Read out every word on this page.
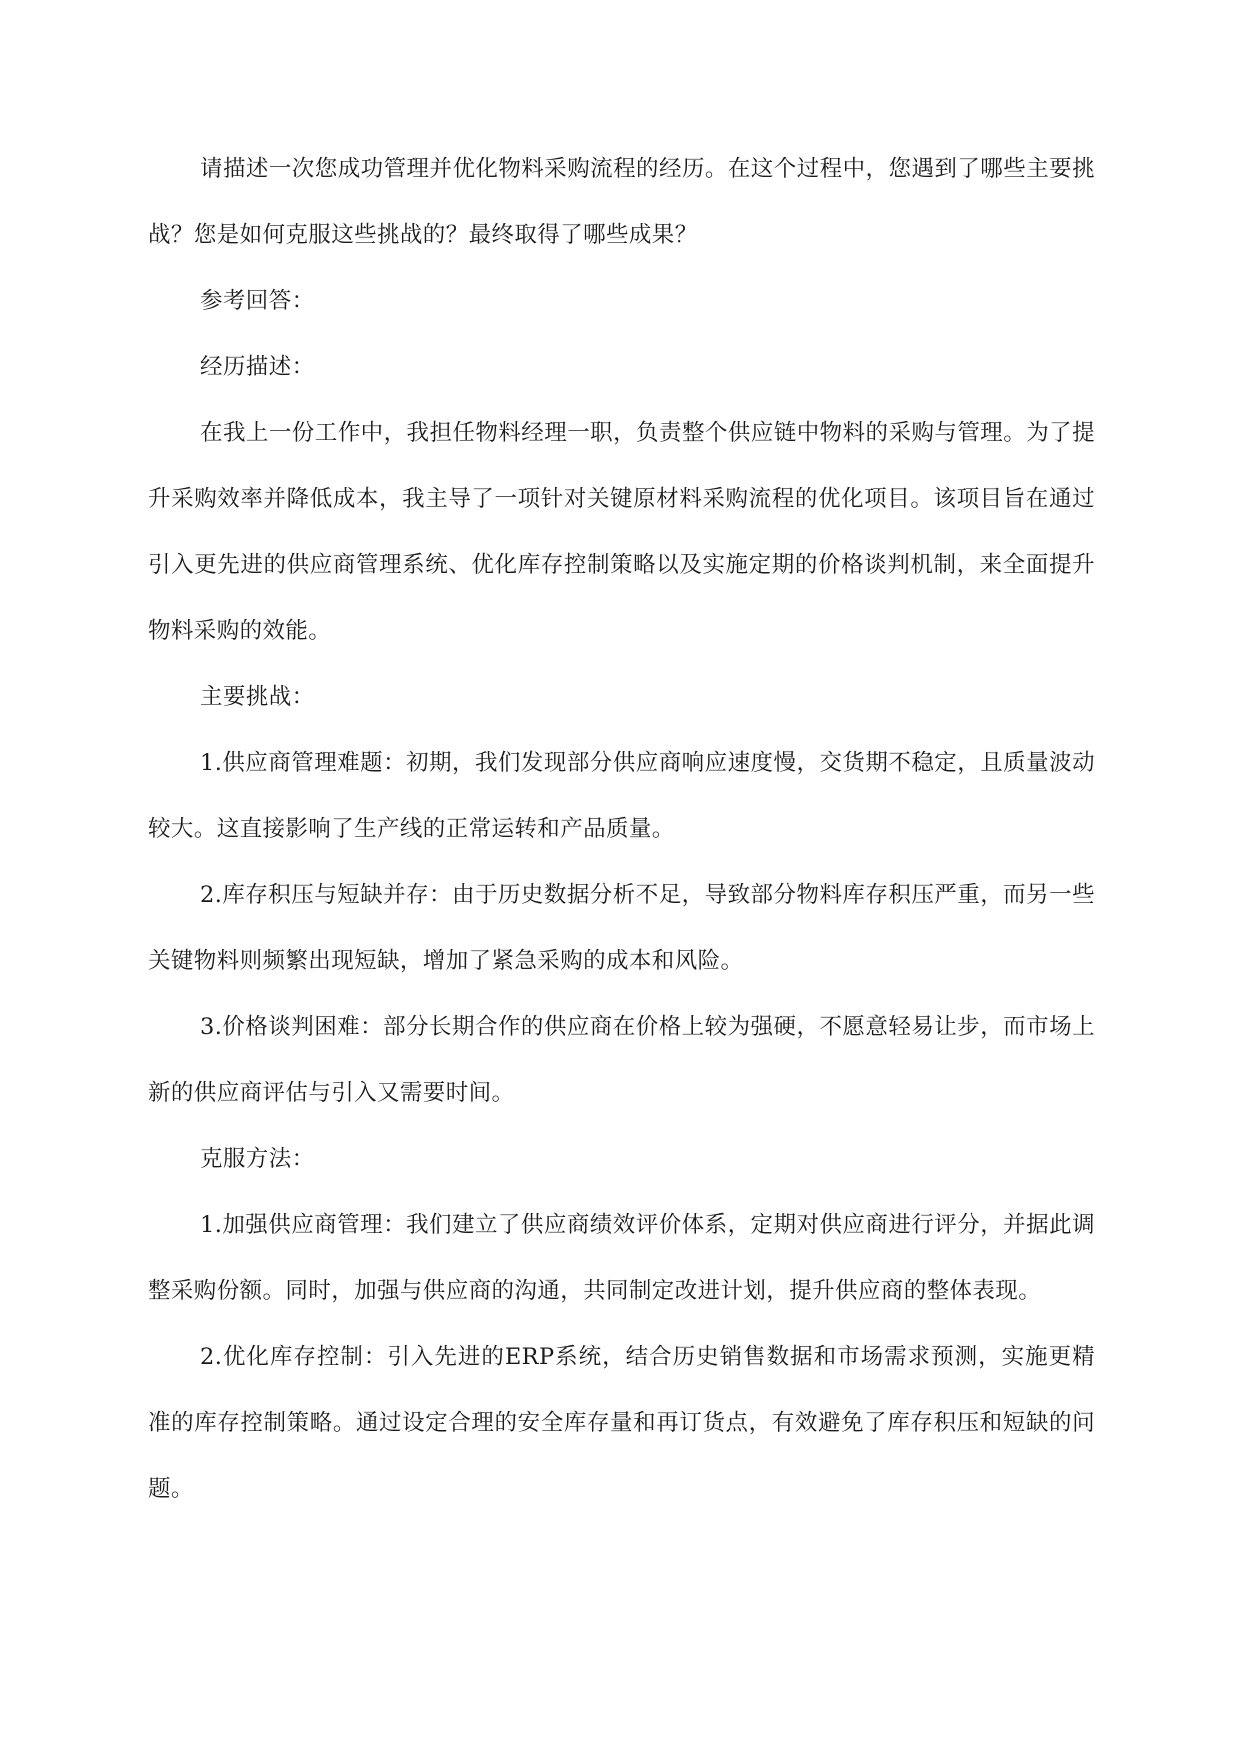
请描述一次您成功管理并优化物料采购流程的经历。在这个过程中，您遇到了哪些主要挑战？您是如何克服这些挑战的？最终取得了哪些成果？

参考回答：

经历描述：

在我上一份工作中，我担任物料经理一职，负责整个供应链中物料的采购与管理。为了提升采购效率并降低成本，我主导了一项针对关键原材料采购流程的优化项目。该项目旨在通过引入更先进的供应商管理系统、优化库存控制策略以及实施定期的价格谈判机制，来全面提升物料采购的效能。

主要挑战：

1.供应商管理难题：初期，我们发现部分供应商响应速度慢，交货期不稳定，且质量波动较大。这直接影响了生产线的正常运转和产品质量。

2.库存积压与短缺并存：由于历史数据分析不足，导致部分物料库存积压严重，而另一些关键物料则频繁出现短缺，增加了紧急采购的成本和风险。

3.价格谈判困难：部分长期合作的供应商在价格上较为强硬，不愿意轻易让步，而市场上新的供应商评估与引入又需要时间。

克服方法：

1.加强供应商管理：我们建立了供应商绩效评价体系，定期对供应商进行评分，并据此调整采购份额。同时，加强与供应商的沟通，共同制定改进计划，提升供应商的整体表现。

2.优化库存控制：引入先进的ERP系统，结合历史销售数据和市场需求预测，实施更精准的库存控制策略。通过设定合理的安全库存量和再订货点，有效避免了库存积压和短缺的问题。
